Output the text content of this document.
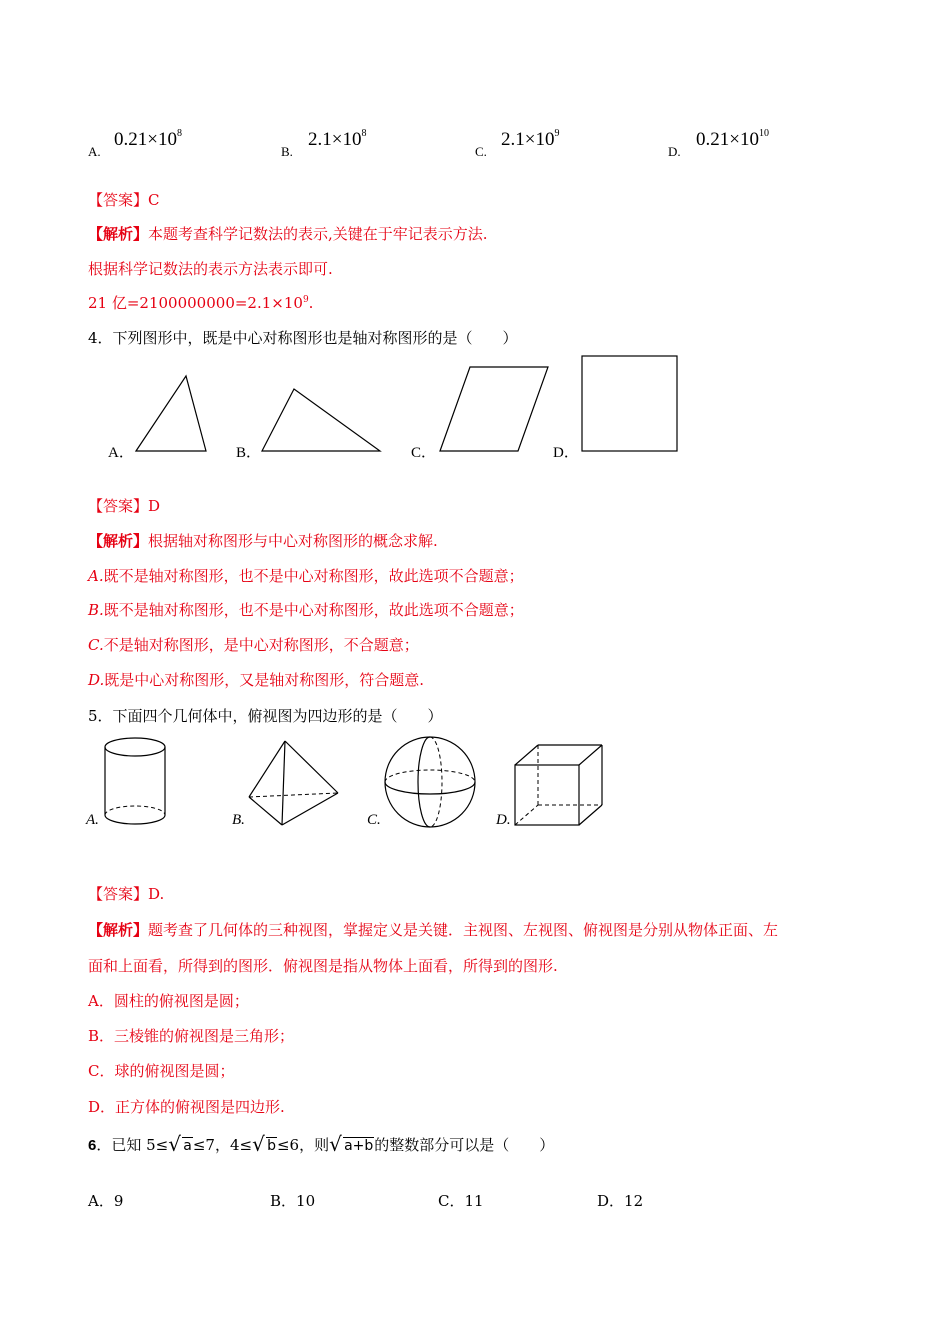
A.
$0.21\times 10^8$
B.
$2.1\times 10^8$
C.
$2.1\times 10^9$
D.
$0.21\times 10^{10}$
【答案】C
【解析】本题考查科学记数法的表示,关键在于牢记表示方法.
根据科学记数法的表示方法表示即可.
21 亿$=2100000000=2.1\times 10^9$.
4．下列图形中，既是中心对称图形也是轴对称图形的是（　　）
A．	B．	C．	D．
【答案】D
【解析】根据轴对称图形与中心对称图形的概念求解.
A.既不是轴对称图形，也不是中心对称图形，故此选项不合题意；
B.既不是轴对称图形，也不是中心对称图形，故此选项不合题意；
C.不是轴对称图形，是中心对称图形，不合题意；
D.既是中心对称图形，又是轴对称图形，符合题意.
5．下面四个几何体中，俯视图为四边形的是（　　）
A.	B.	C.	D.
【答案】D.
【解析】题考查了几何体的三种视图，掌握定义是关键．主视图、左视图、俯视图是分别从物体正面、左
面和上面看，所得到的图形．俯视图是指从物体上面看，所得到的图形.
A．圆柱的俯视图是圆；
B．三棱锥的俯视图是三角形；
C．球的俯视图是圆；
D．正方体的俯视图是四边形.
6．已知 5≤ √ a≤7，4≤ √ b≤6，则 √ a+b的整数部分可以是（　　）
A．9	B．10	C．11	D．12
